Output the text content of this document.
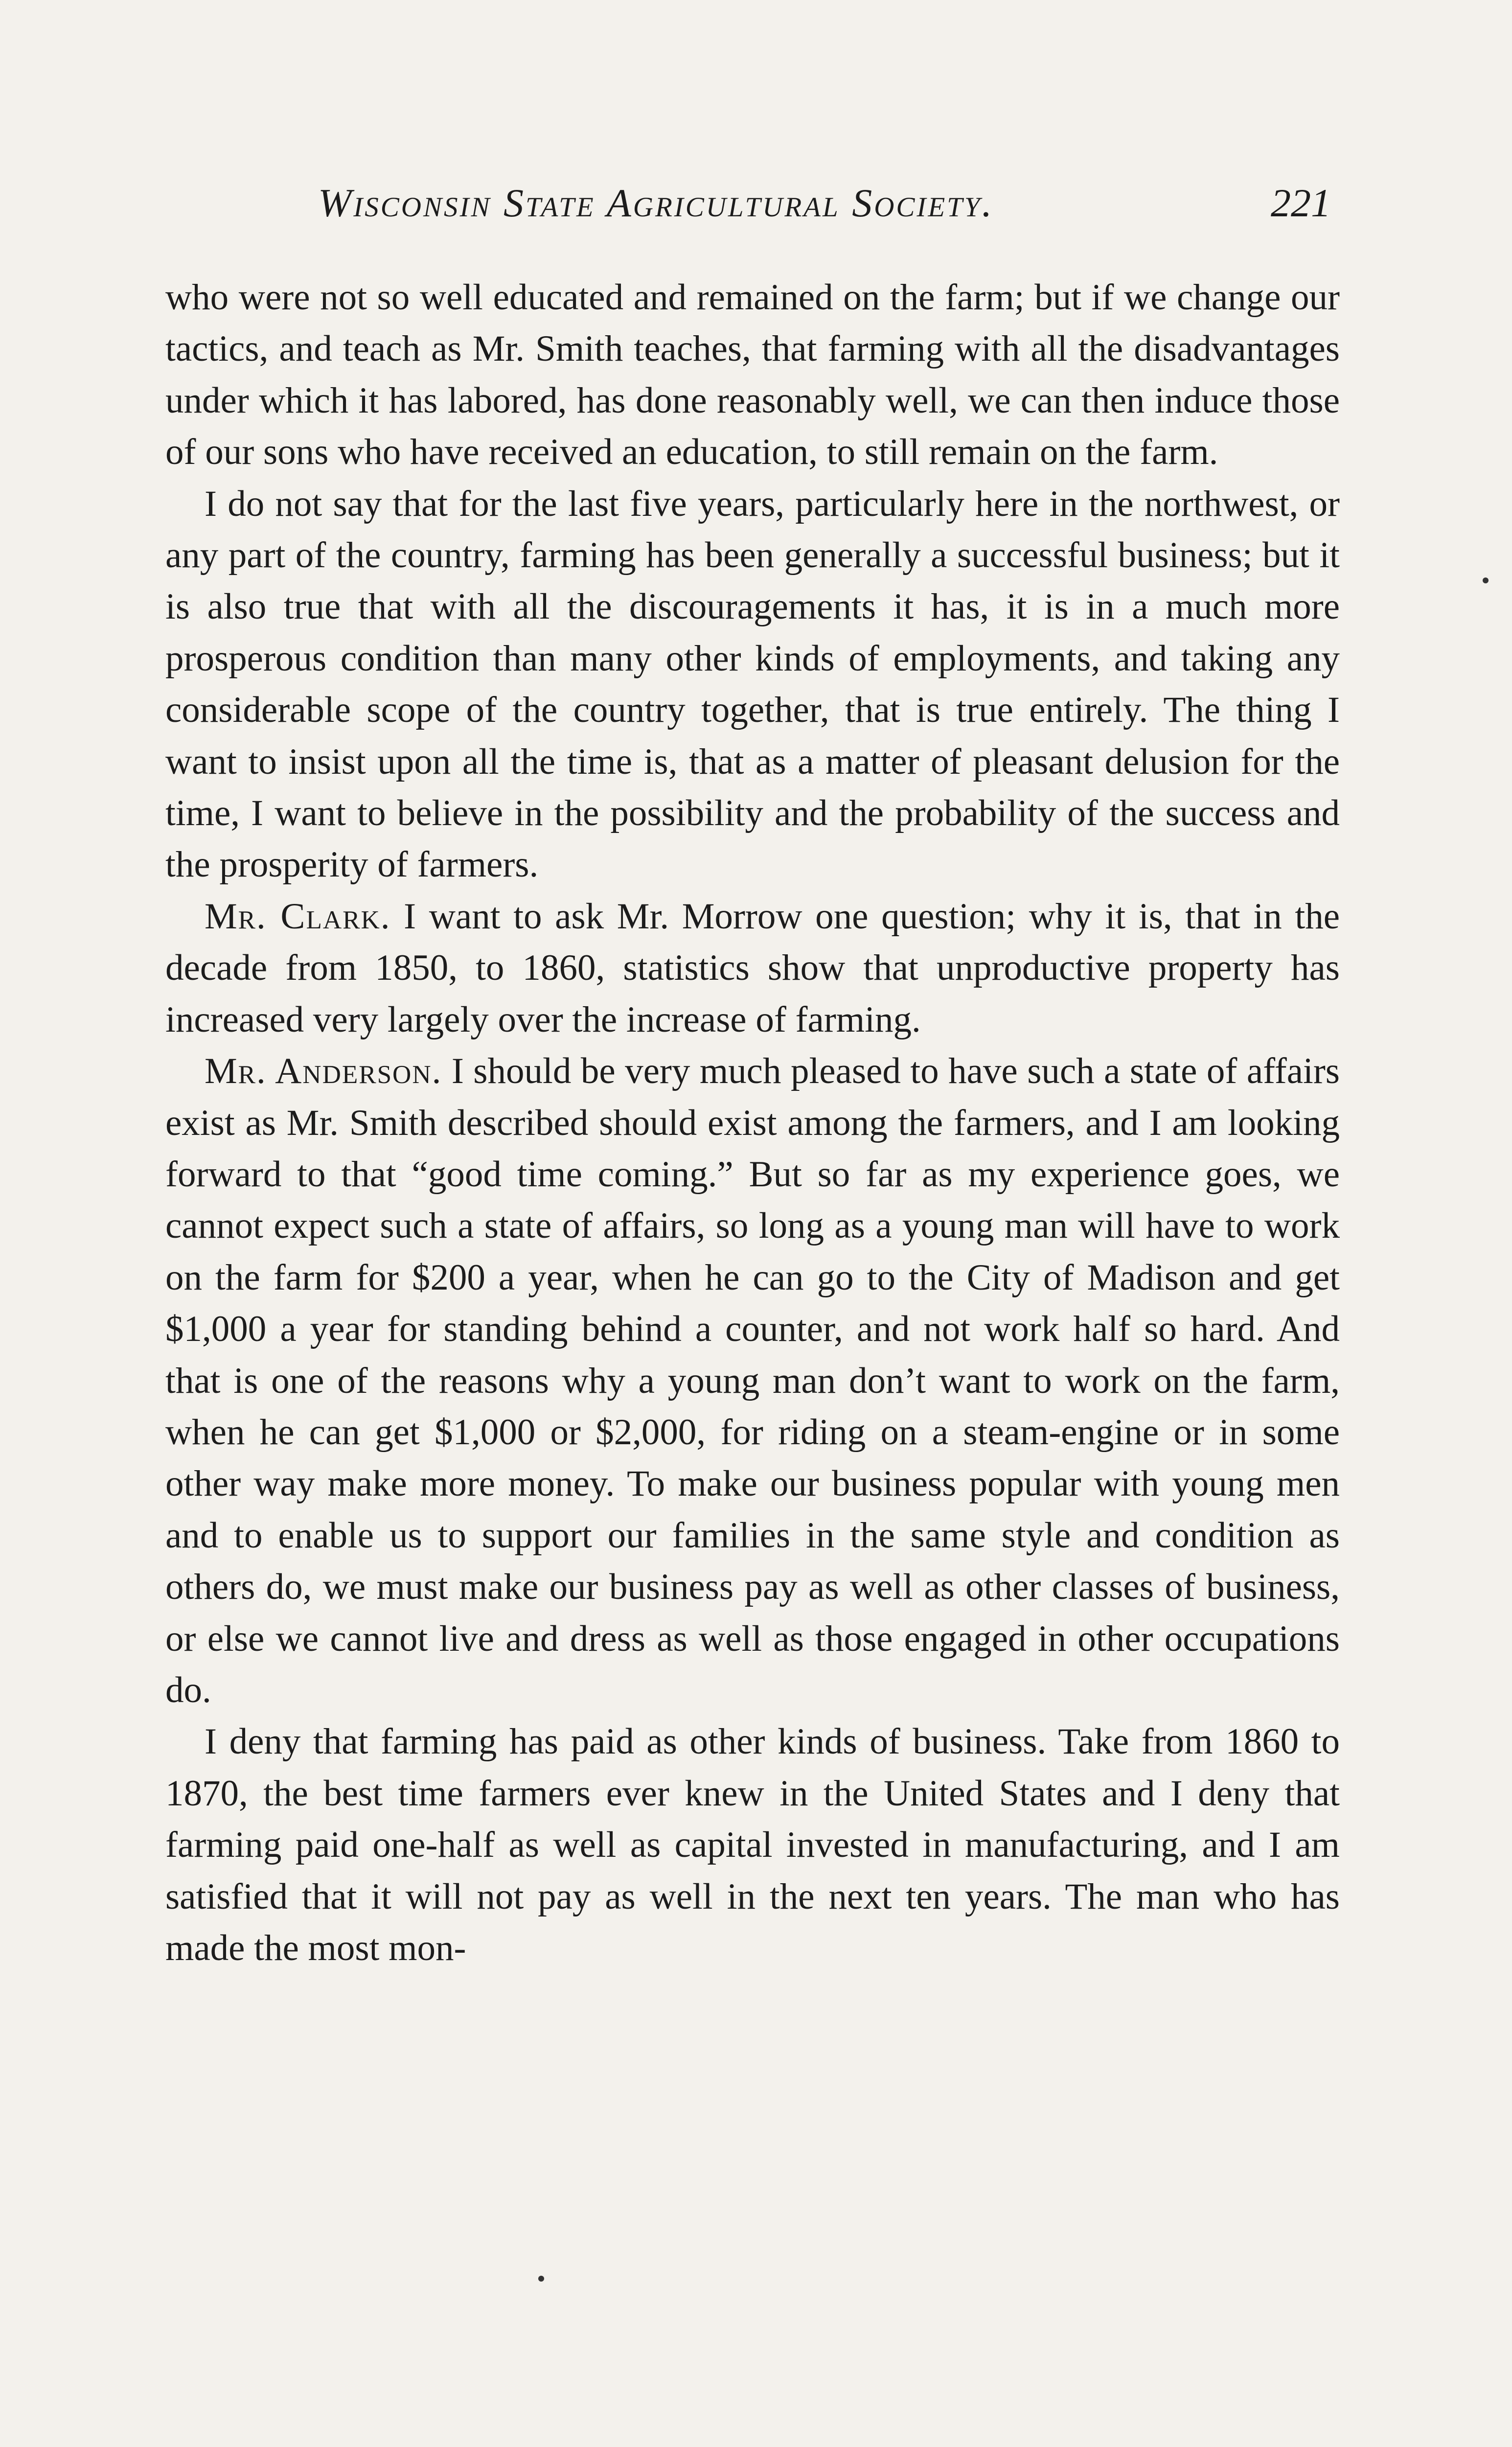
Wisconsin State Agricultural Society.	221

who were not so well educated and remained on the farm; but if we change our tactics, and teach as Mr. Smith teaches, that farming with all the disadvantages under which it has labored, has done reasonably well, we can then induce those of our sons who have received an education, to still remain on the farm.

I do not say that for the last five years, particularly here in the northwest, or any part of the country, farming has been generally a successful business; but it is also true that with all the discouragements it has, it is in a much more prosperous condition than many other kinds of employments, and taking any considerable scope of the country together, that is true entirely. The thing I want to insist upon all the time is, that as a matter of pleasant delusion for the time, I want to believe in the possibility and the probability of the success and the prosperity of farmers.

Mr. Clark. I want to ask Mr. Morrow one question; why it is, that in the decade from 1850, to 1860, statistics show that unproductive property has increased very largely over the increase of farming.

Mr. Anderson. I should be very much pleased to have such a state of affairs exist as Mr. Smith described should exist among the farmers, and I am looking forward to that “good time coming.” But so far as my experience goes, we cannot expect such a state of affairs, so long as a young man will have to work on the farm for $200 a year, when he can go to the City of Madison and get $1,000 a year for standing behind a counter, and not work half so hard. And that is one of the reasons why a young man don’t want to work on the farm, when he can get $1,000 or $2,000, for riding on a steam-engine or in some other way make more money. To make our business popular with young men and to enable us to support our families in the same style and condition as others do, we must make our business pay as well as other classes of business, or else we cannot live and dress as well as those engaged in other occupations do.

I deny that farming has paid as other kinds of business. Take from 1860 to 1870, the best time farmers ever knew in the United States and I deny that farming paid one-half as well as capital invested in manufacturing, and I am satisfied that it will not pay as well in the next ten years. The man who has made the most mon-
